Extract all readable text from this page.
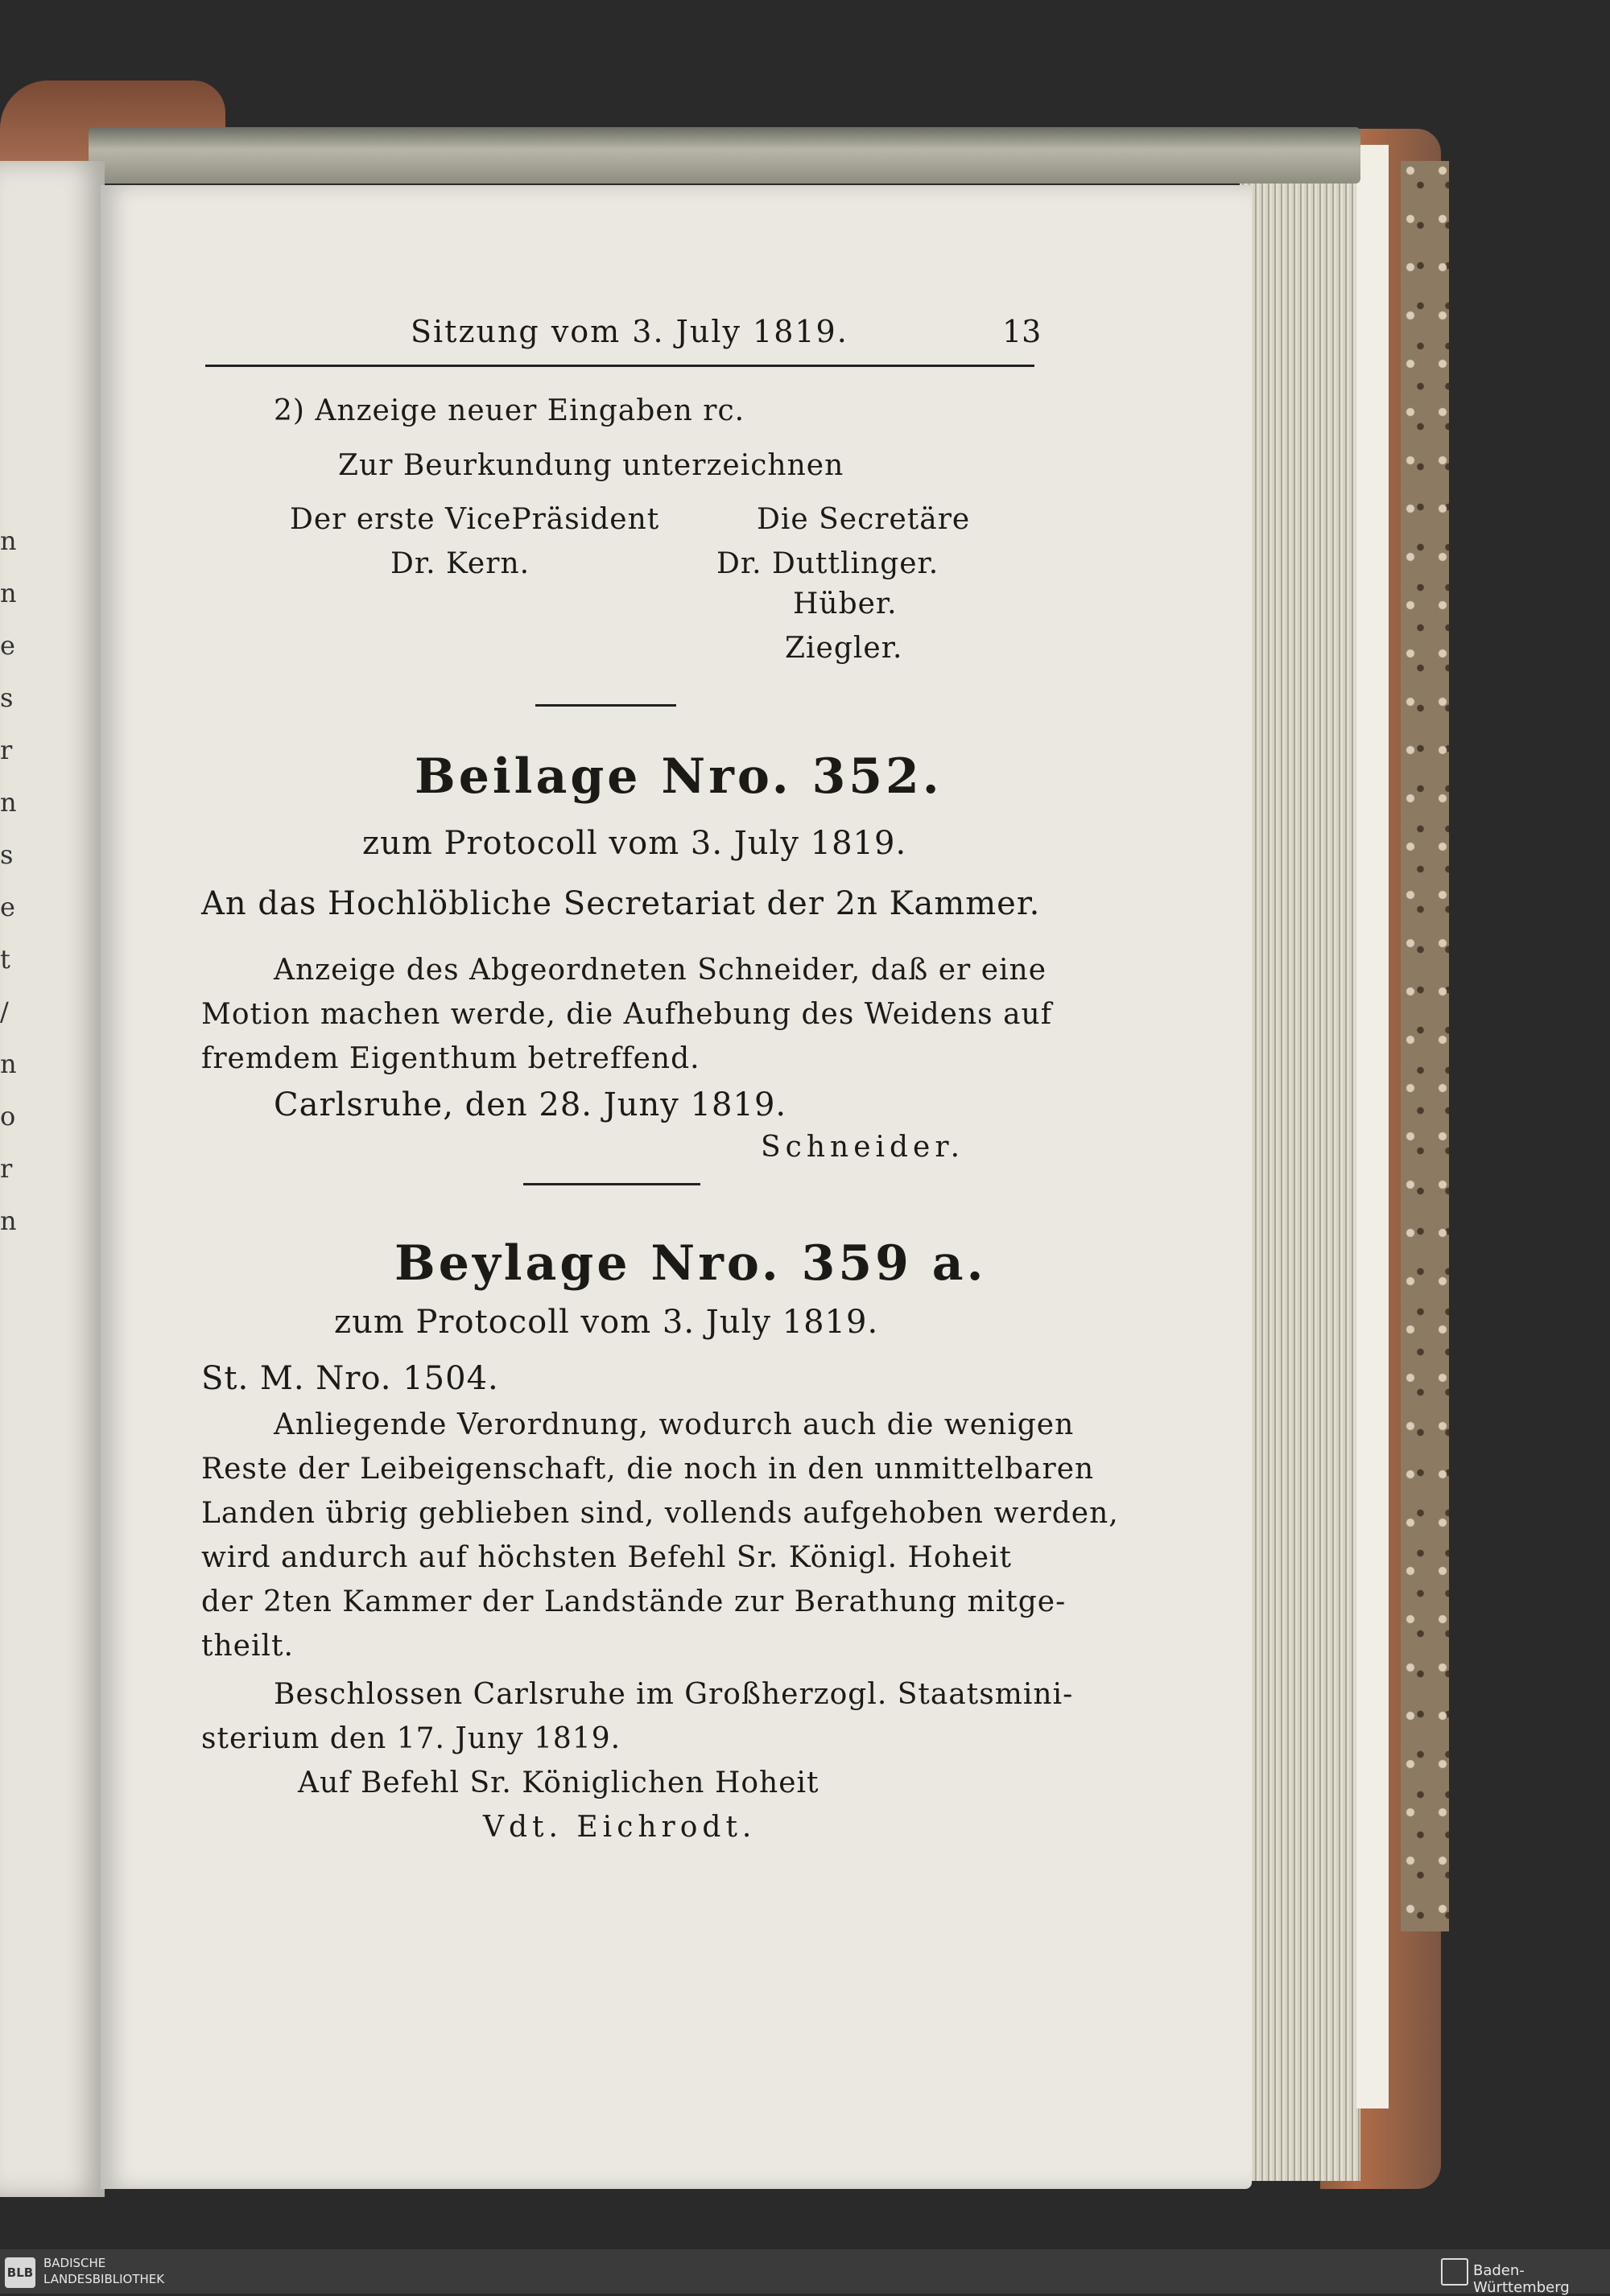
n
n
e
s
r
n
s
e
t
/
n
o
r
n
Sitzung vom 3. July 1819.	13
2) Anzeige neuer Eingaben rc.
Zur Beurkundung unterzeichnen
Der erste VicePräsident
Dr. Kern.
Die Secretäre
Dr. Duttlinger.
Hüber.
Ziegler.
Beilage Nro. 352.
zum Protocoll vom 3. July 1819.
An das Hochlöbliche Secretariat der 2n Kammer.
Anzeige des Abgeordneten Schneider, daß er eine
Motion machen werde, die Aufhebung des Weidens auf
fremdem Eigenthum betreffend.
Carlsruhe, den 28. Juny 1819.
Schneider.
Beylage Nro. 359 a.
zum Protocoll vom 3. July 1819.
St. M. Nro. 1504.
Anliegende Verordnung, wodurch auch die wenigen
Reste der Leibeigenschaft, die noch in den unmittelbaren
Landen übrig geblieben sind, vollends aufgehoben werden,
wird andurch auf höchsten Befehl Sr. Königl. Hoheit
der 2ten Kammer der Landstände zur Berathung mitge-
theilt.
Beschlossen Carlsruhe im Großherzogl. Staatsmini-
sterium den 17. Juny 1819.
Auf Befehl Sr. Königlichen Hoheit
Vdt. Eichrodt.
BLB
BADISCHE
LANDESBIBLIOTHEK	Baden-Württemberg
